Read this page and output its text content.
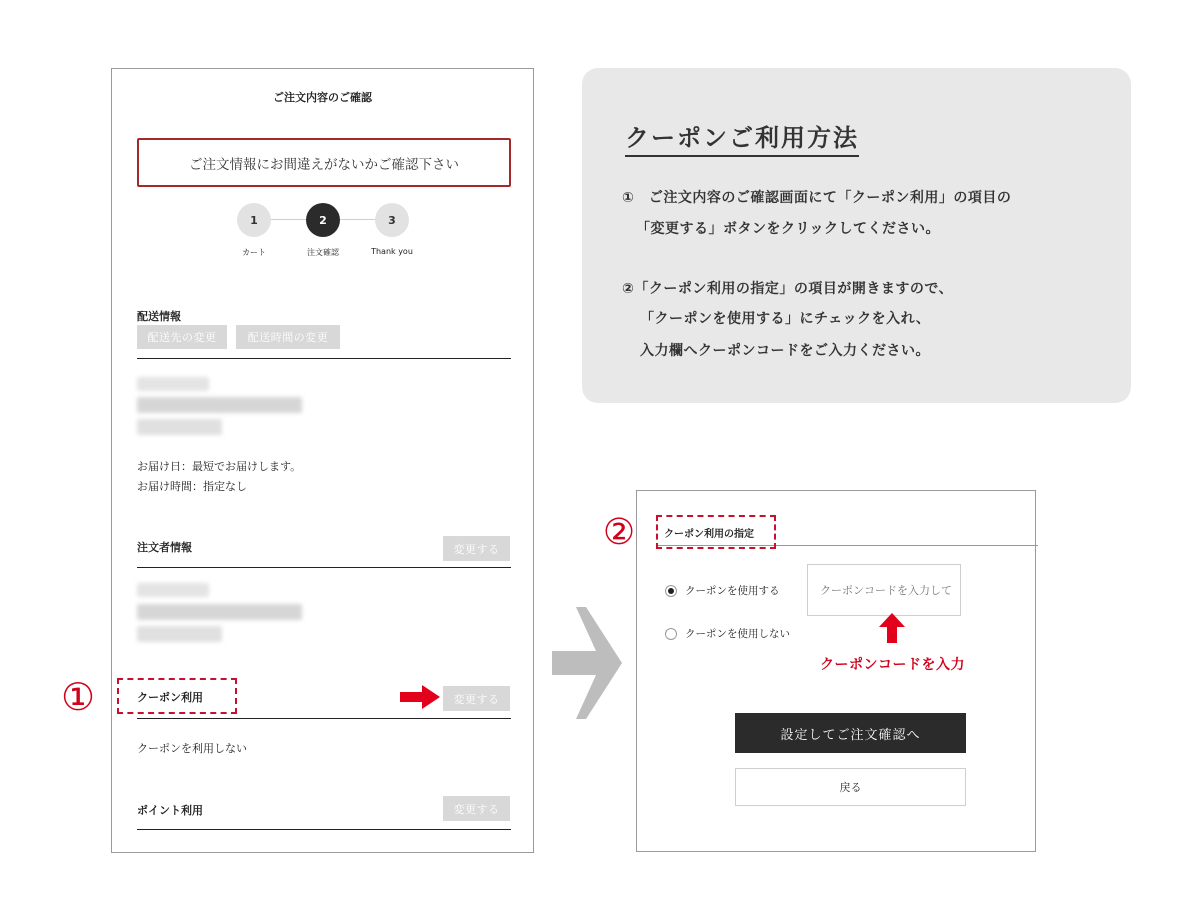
ご注文内容のご確認
ご注文情報にお間違えがないかご確認下さい
1	2	3
カート	注文確認	Thank you
配送情報
配送先の変更	配送時間の変更
お届け日：最短でお届けします。
お届け時間：指定なし
注文者情報	変更する
クーポン利用	変更する
クーポンを利用しない
ポイント利用	変更する
①
クーポンご利用方法
①　ご注文内容のご確認画面にて「クーポン利用」の項目の
「変更する」ボタンをクリックしてください。
②「クーポン利用の指定」の項目が開きますので、
「クーポンを使用する」にチェックを入れ、
入力欄へクーポンコードをご入力ください。
クーポン利用の指定
クーポンを使用する
クーポンコードを入力して
クーポンを使用しない
クーポンコードを入力
設定してご注文確認へ
戻る
②
